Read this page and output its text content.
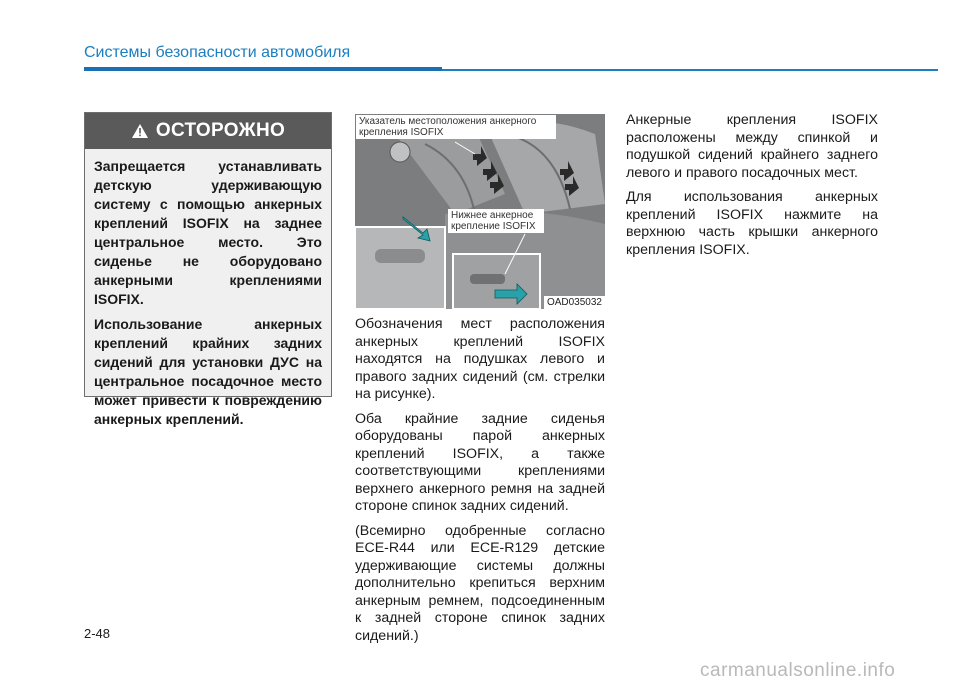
Системы безопасности автомобиля
ОСТОРОЖНО

Запрещается устанавливать детскую удерживающую систему с помощью анкерных креплений ISOFIX на заднее центральное место. Это сиденье не оборудовано анкерными креплениями ISOFIX.

Использование анкерных креплений крайних задних сидений для установки ДУС на центральное посадочное место может привести к повреждению анкерных креплений.

Указатель местоположения анкерного крепления ISOFIX
Нижнее анкерное крепление ISOFIX
OAD035032

Обозначения мест расположения анкерных креплений ISOFIX находятся на подушках левого и правого задних сидений (см. стрелки на рисунке).

Оба крайние задние сиденья оборудованы парой анкерных креплений ISOFIX, а также соответствующими креплениями верхнего анкерного ремня на задней стороне спинок задних сидений.

(Всемирно одобренные согласно ECE-R44 или ECE-R129 детские удерживающие системы должны дополнительно крепиться верхним анкерным ремнем, подсоединенным к задней стороне спинок задних сидений.)

Анкерные крепления ISOFIX расположены между спинкой и подушкой сидений крайнего заднего левого и правого посадочных мест.

Для использования анкерных креплений ISOFIX нажмите на верхнюю часть крышки анкерного крепления ISOFIX.

2-48
carmanualsonline.info
